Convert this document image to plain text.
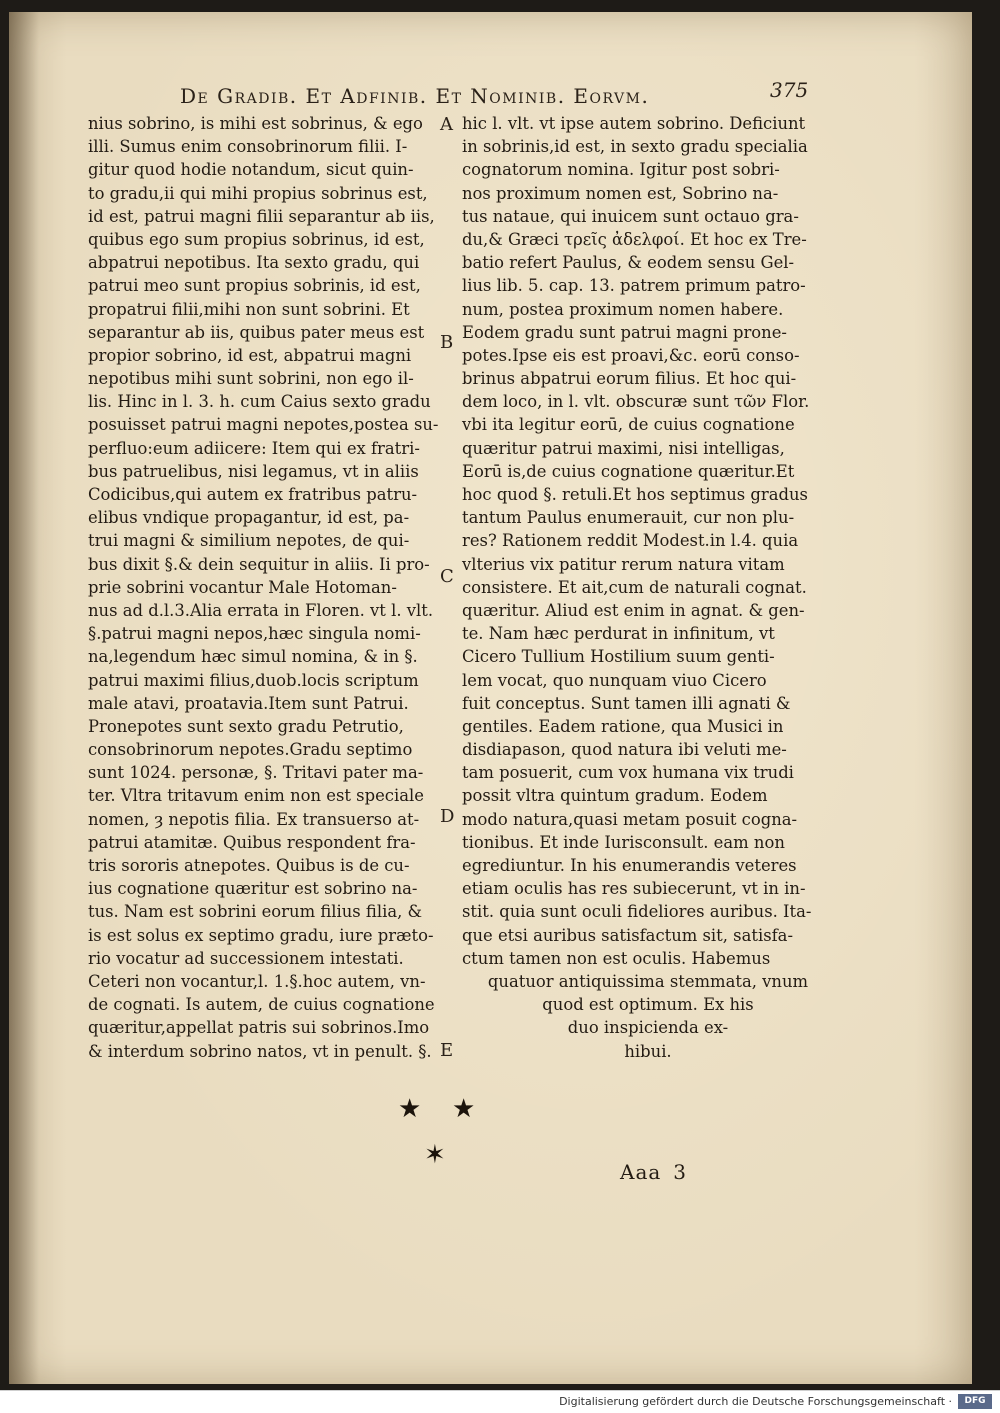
De Gradib. Et Adfinib. Et Nominib. Eorvm.	375
nius sobrino, is mihi est sobrinus, & ego
illi. Sumus enim consobrinorum filii. I-
gitur quod hodie notandum, sicut quin-
to gradu,ii qui mihi propius sobrinus est,
id est, patrui magni filii separantur ab iis,
quibus ego sum propius sobrinus, id est,
abpatrui nepotibus. Ita sexto gradu, qui
patrui meo sunt propius sobrinis, id est,
propatrui filii,mihi non sunt sobrini. Et
separantur ab iis, quibus pater meus est
propior sobrino, id est, abpatrui magni
nepotibus mihi sunt sobrini, non ego il-
lis. Hinc in l. 3. h. cum Caius sexto gradu
posuisset patrui magni nepotes,postea su-
perfluo:eum adiicere: Item qui ex fratri-
bus patruelibus, nisi legamus, vt in aliis
Codicibus,qui autem ex fratribus patru-
elibus vndique propagantur, id est, pa-
trui magni & similium nepotes, de qui-
bus dixit §.& dein sequitur in aliis. Ii pro-
prie sobrini vocantur Male Hotoman-
nus ad d.l.3.Alia errata in Floren. vt l. vlt.
§.patrui magni nepos,hæc singula nomi-
na,legendum hæc simul nomina, & in §.
patrui maximi filius,duob.locis scriptum
male atavi, proatavia.Item sunt Patrui.
Pronepotes sunt sexto gradu Petrutio,
consobrinorum nepotes.Gradu septimo
sunt 1024. personæ, §. Tritavi pater ma-
ter. Vltra tritavum enim non est speciale
nomen, ȝ nepotis filia. Ex transuerso at-
patrui atamitæ. Quibus respondent fra-
tris sororis atnepotes. Quibus is de cu-
ius cognatione quæritur est sobrino na-
tus. Nam est sobrini eorum filius filia, &
is est solus ex septimo gradu, iure præto-
rio vocatur ad successionem intestati.
Ceteri non vocantur,l. 1.§.hoc autem, vn-
de cognati. Is autem, de cuius cognatione
quæritur,appellat patris sui sobrinos.Imo
& interdum sobrino natos, vt in penult. §.
hic l. vlt. vt ipse autem sobrino. Deficiunt
in sobrinis,id est, in sexto gradu specialia
cognatorum nomina. Igitur post sobri-
nos proximum nomen est, Sobrino na-
tus nataue, qui inuicem sunt octauo gra-
du,& Græci τρεῖς ἀδελφοί. Et hoc ex Tre-
batio refert Paulus, & eodem sensu Gel-
lius lib. 5. cap. 13. patrem primum patro-
num, postea proximum nomen habere.
Eodem gradu sunt patrui magni prone-
potes.Ipse eis est proavi,&c. eorū conso-
brinus abpatrui eorum filius. Et hoc qui-
dem loco, in l. vlt. obscuræ sunt τῶν Flor.
vbi ita legitur eorū, de cuius cognatione
quæritur patrui maximi, nisi intelligas,
Eorū is,de cuius cognatione quæritur.Et
hoc quod §. retuli.Et hos septimus gradus
tantum Paulus enumerauit, cur non plu-
res? Rationem reddit Modest.in l.4. quia
vlterius vix patitur rerum natura vitam
consistere. Et ait,cum de naturali cognat.
quæritur. Aliud est enim in agnat. & gen-
te. Nam hæc perdurat in infinitum, vt
Cicero Tullium Hostilium suum genti-
lem vocat, quo nunquam viuo Cicero
fuit conceptus. Sunt tamen illi agnati &
gentiles. Eadem ratione, qua Musici in
disdiapason, quod natura ibi veluti me-
tam posuerit, cum vox humana vix trudi
possit vltra quintum gradum. Eodem
modo natura,quasi metam posuit cogna-
tionibus. Et inde Iurisconsult. eam non
egrediuntur. In his enumerandis veteres
etiam oculis has res subiecerunt, vt in in-
stit. quia sunt oculi fideliores auribus. Ita-
que etsi auribus satisfactum sit, satisfa-
ctum tamen non est oculis. Habemus
quatuor antiquissima stemmata, vnum
quod est optimum. Ex his
duo inspicienda ex-
hibui.
A
B
C
D
E
★ ★
✶
Aaa 3
Digitalisierung gefördert durch die Deutsche Forschungsgemeinschaft ·	DFG
